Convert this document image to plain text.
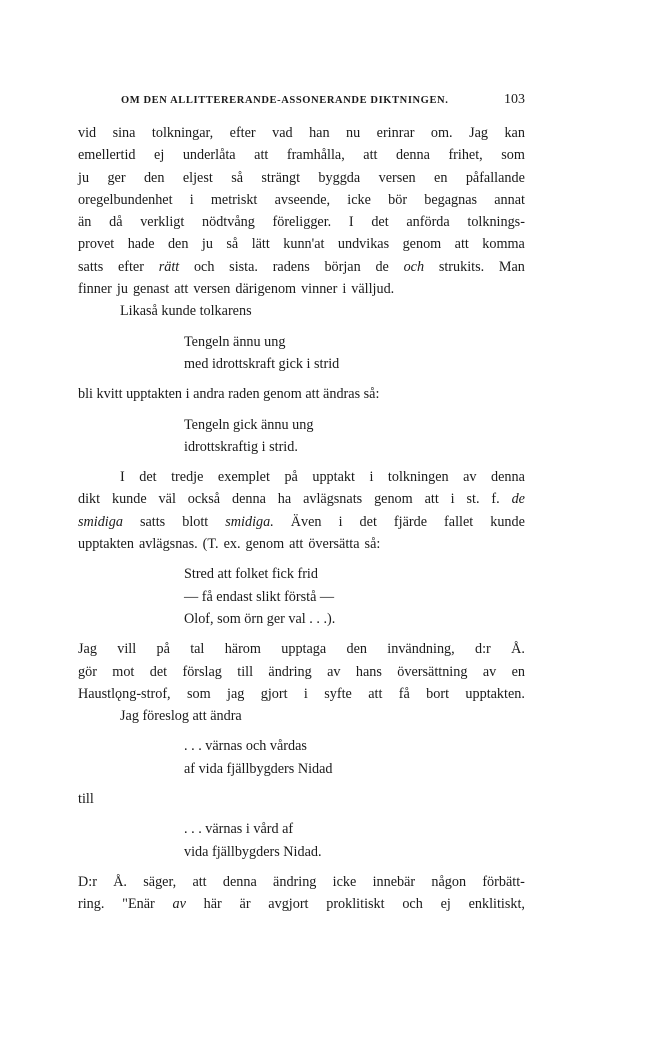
OM DEN ALLITTERERANDE-ASSONERANDE DIKTNINGEN.	103
vid sina tolkningar, efter vad han nu erinrar om. Jag kan
emellertid ej underlåta att framhålla, att denna frihet, som
ju ger den eljest så strängt byggda versen en påfallande
oregelbundenhet i metriskt avseende, icke bör begagnas annat
än då verkligt nödtvång föreligger. I det anförda tolknings-
provet hade den ju så lätt kunn'at undvikas genom att komma
satts efter rätt och sista. radens början de och strukits. Man
finner ju genast att versen därigenom vinner i välljud.
Likaså kunde tolkarens
Tengeln ännu ung
med idrottskraft gick i strid
bli kvitt upptakten i andra raden genom att ändras så:
Tengeln gick ännu ung
idrottskraftig i strid.
I det tredje exemplet på upptakt i tolkningen av denna
dikt kunde väl också denna ha avlägsnats genom att i st. f. de
smidiga satts blott smidiga. Även i det fjärde fallet kunde
upptakten avlägsnas. (T. ex. genom att översätta så:
Stred att folket fick frid
— få endast slikt förstå —
Olof, som örn ger val . . .).
Jag vill på tal härom upptaga den invändning, d:r Å.
gör mot det förslag till ändring av hans översättning av en
Haustlǫng-strof, som jag gjort i syfte att få bort upptakten.
Jag föreslog att ändra
. . . värnas och vårdas
af vida fjällbygders Nidad
till
. . . värnas i vård af
vida fjällbygders Nidad.
D:r Å. säger, att denna ändring icke innebär någon förbätt-
ring. "Enär av här är avgjort proklitiskt och ej enklitiskt,
